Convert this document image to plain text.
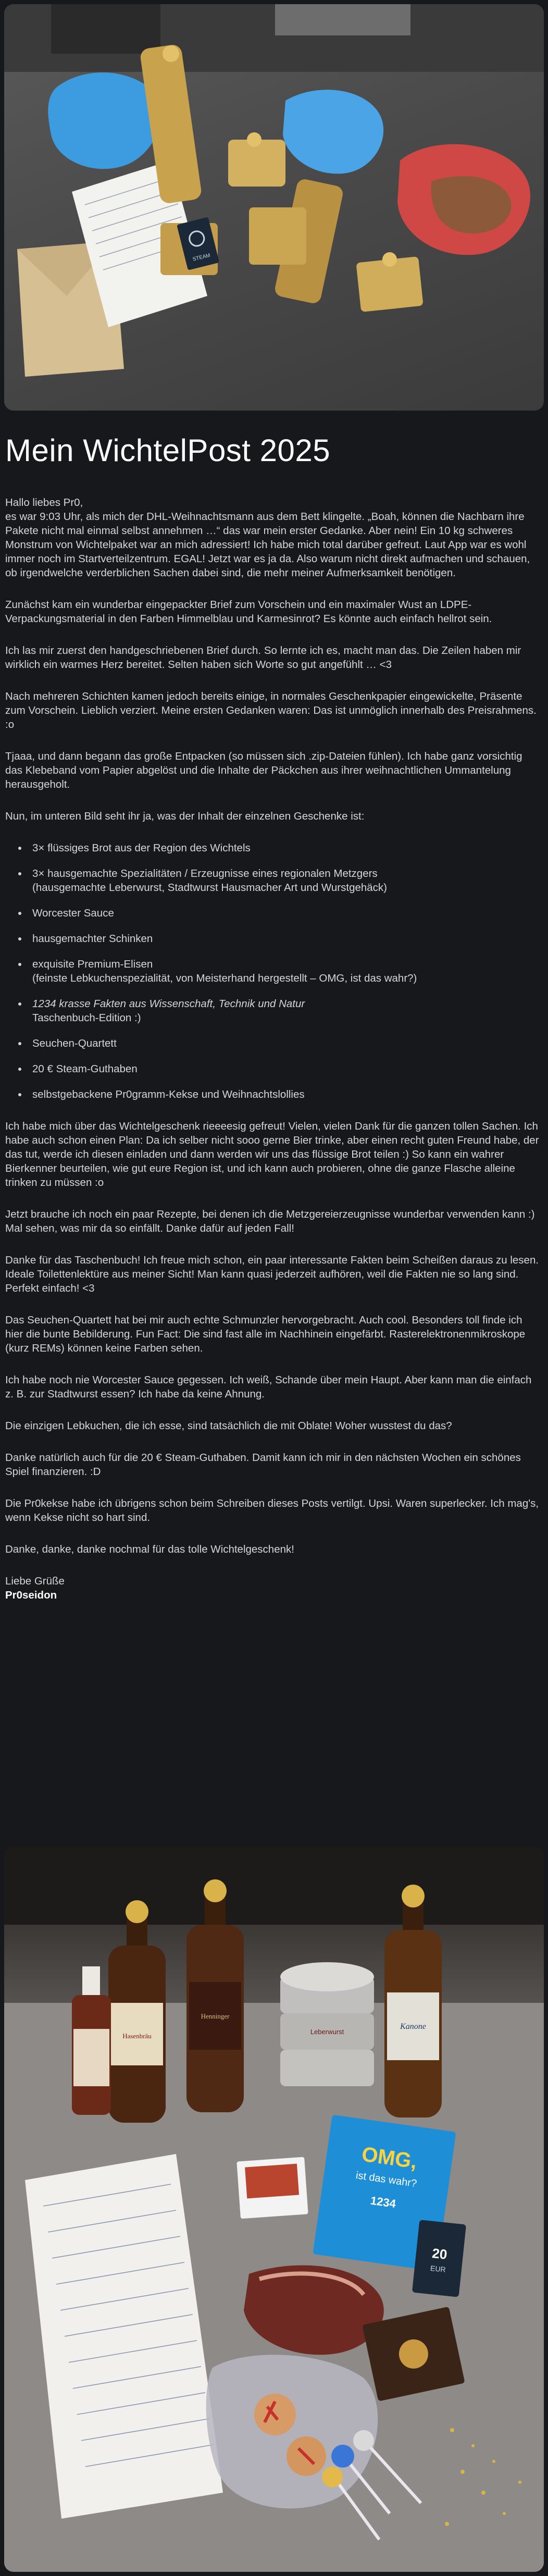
STEAM
Mein WichtelPost 2025

Hallo liebes Pr0,
es war 9:03 Uhr, als mich der DHL-Weihnachtsmann aus dem Bett klingelte. „Boah, können die Nachbarn ihre Pakete nicht mal einmal selbst annehmen …“ das war mein erster Gedanke. Aber nein! Ein 10 kg schweres Monstrum von Wichtelpaket war an mich adressiert! Ich habe mich total darüber gefreut. Laut App war es wohl immer noch im Startverteilzentrum. EGAL! Jetzt war es ja da. Also warum nicht direkt aufmachen und schauen, ob irgendwelche verderblichen Sachen dabei sind, die mehr meiner Aufmerksamkeit benötigen.

Zunächst kam ein wunderbar eingepackter Brief zum Vorschein und ein maximaler Wust an LDPE-Verpackungsmaterial in den Farben Himmelblau und Karmesinrot? Es könnte auch einfach hellrot sein.

Ich las mir zuerst den handgeschriebenen Brief durch. So lernte ich es, macht man das. Die Zeilen haben mir wirklich ein warmes Herz bereitet. Selten haben sich Worte so gut angefühlt … <3

Nach mehreren Schichten kamen jedoch bereits einige, in normales Geschenkpapier eingewickelte, Präsente zum Vorschein. Lieblich verziert. Meine ersten Gedanken waren: Das ist unmöglich innerhalb des Preisrahmens. :o

Tjaaa, und dann begann das große Entpacken (so müssen sich .zip-Dateien fühlen). Ich habe ganz vorsichtig das Klebeband vom Papier abgelöst und die Inhalte der Päckchen aus ihrer weihnachtlichen Ummantelung herausgeholt.

Nun, im unteren Bild seht ihr ja, was der Inhalt der einzelnen Geschenke ist:

• 3× flüssiges Brot aus der Region des Wichtels
• 3× hausgemachte Spezialitäten / Erzeugnisse eines regionalen Metzgers
(hausgemachte Leberwurst, Stadtwurst Hausmacher Art und Wurstgehäck)
• Worcester Sauce
• hausgemachter Schinken
• exquisite Premium-Elisen
(feinste Lebkuchenspezialität, von Meisterhand hergestellt – OMG, ist das wahr?)
• 1234 krasse Fakten aus Wissenschaft, Technik und Natur
Taschenbuch-Edition :)
• Seuchen-Quartett
• 20 € Steam-Guthaben
• selbstgebackene Pr0gramm-Kekse und Weihnachtslollies

Ich habe mich über das Wichtelgeschenk rieeeesig gefreut! Vielen, vielen Dank für die ganzen tollen Sachen. Ich habe auch schon einen Plan: Da ich selber nicht sooo gerne Bier trinke, aber einen recht guten Freund habe, der das tut, werde ich diesen einladen und dann werden wir uns das flüssige Brot teilen :) So kann ein wahrer Bierkenner beurteilen, wie gut eure Region ist, und ich kann auch probieren, ohne die ganze Flasche alleine trinken zu müssen :o

Jetzt brauche ich noch ein paar Rezepte, bei denen ich die Metzgereierzeugnisse wunderbar verwenden kann :) Mal sehen, was mir da so einfällt. Danke dafür auf jeden Fall!

Danke für das Taschenbuch! Ich freue mich schon, ein paar interessante Fakten beim Scheißen daraus zu lesen. Ideale Toilettenlektüre aus meiner Sicht! Man kann quasi jederzeit aufhören, weil die Fakten nie so lang sind. Perfekt einfach! <3

Das Seuchen-Quartett hat bei mir auch echte Schmunzler hervorgebracht. Auch cool. Besonders toll finde ich hier die bunte Bebilderung. Fun Fact: Die sind fast alle im Nachhinein eingefärbt. Rasterelektronenmikroskope (kurz REMs) können keine Farben sehen.

Ich habe noch nie Worcester Sauce gegessen. Ich weiß, Schande über mein Haupt. Aber kann man die einfach z. B. zur Stadtwurst essen? Ich habe da keine Ahnung.

Die einzigen Lebkuchen, die ich esse, sind tatsächlich die mit Oblate! Woher wusstest du das?

Danke natürlich auch für die 20 € Steam-Guthaben. Damit kann ich mir in den nächsten Wochen ein schönes Spiel finanzieren. :D

Die Pr0kekse habe ich übrigens schon beim Schreiben dieses Posts vertilgt. Upsi. Waren superlecker. Ich mag's, wenn Kekse nicht so hart sind.

Danke, danke, danke nochmal für das tolle Wichtelgeschenk!

Liebe Grüße
Pr0seidon

Hasenbräu
Henninger
Kanone
Leberwurst
OMG,
ist das wahr?
1234
20
EUR
